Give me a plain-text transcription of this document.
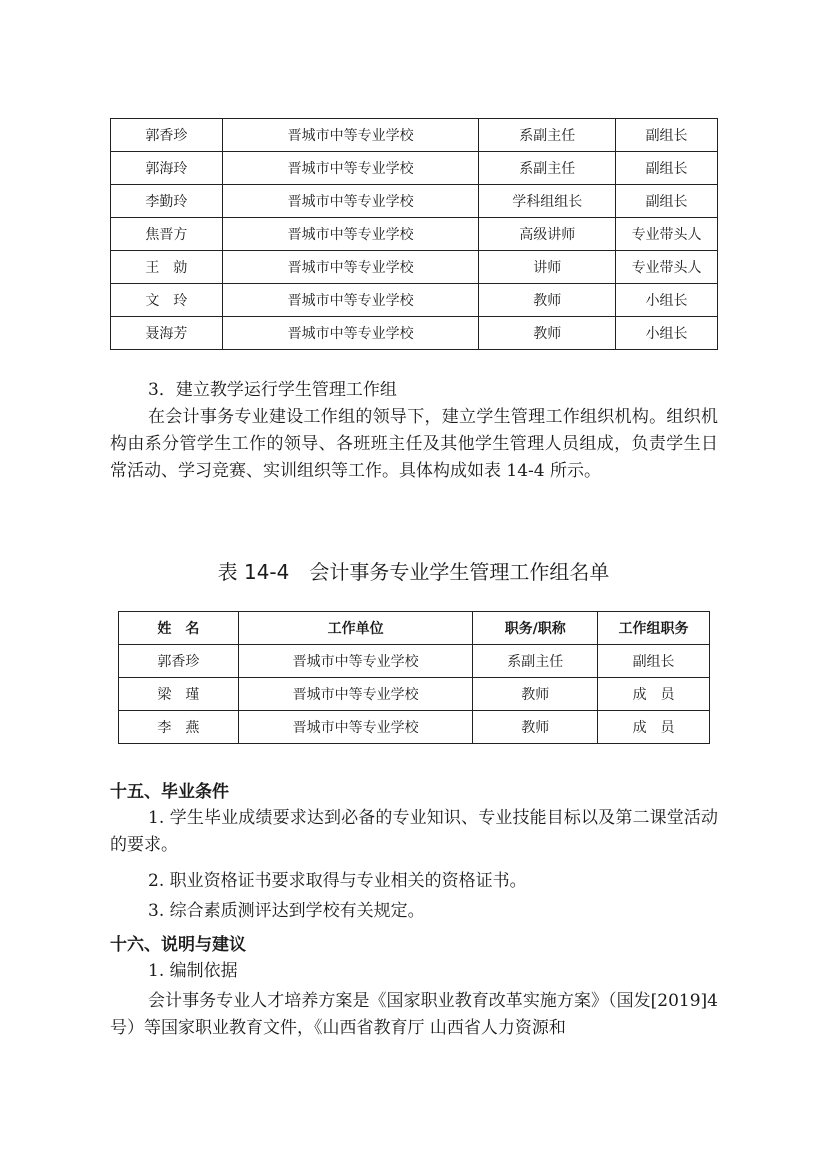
郭香珍	晋城市中等专业学校	系副主任	副组长
郭海玲	晋城市中等专业学校	系副主任	副组长
李勤玲	晋城市中等专业学校	学科组组长	副组长
焦晋方	晋城市中等专业学校	高级讲师	专业带头人
王　勍	晋城市中等专业学校	讲师	专业带头人
文　玲	晋城市中等专业学校	教师	小组长
聂海芳	晋城市中等专业学校	教师	小组长

3．建立教学运行学生管理工作组

在会计事务专业建设工作组的领导下，建立学生管理工作组织机构。组织机构由系分管学生工作的领导、各班班主任及其他学生管理人员组成，负责学生日常活动、学习竞赛、实训组织等工作。具体构成如表 14-4 所示。

表 14-4　会计事务专业学生管理工作组名单
姓　名	工作单位	职务/职称	工作组职务
郭香珍	晋城市中等专业学校	系副主任	副组长
梁　瑾	晋城市中等专业学校	教师	成　员
李　燕	晋城市中等专业学校	教师	成　员
十五、毕业条件

1. 学生毕业成绩要求达到必备的专业知识、专业技能目标以及第二课堂活动的要求。

2. 职业资格证书要求取得与专业相关的资格证书。

3. 综合素质测评达到学校有关规定。

十六、说明与建议

1. 编制依据

会计事务专业人才培养方案是《国家职业教育改革实施方案》（国发[2019]4 号）等国家职业教育文件，《山西省教育厅 山西省人力资源和
